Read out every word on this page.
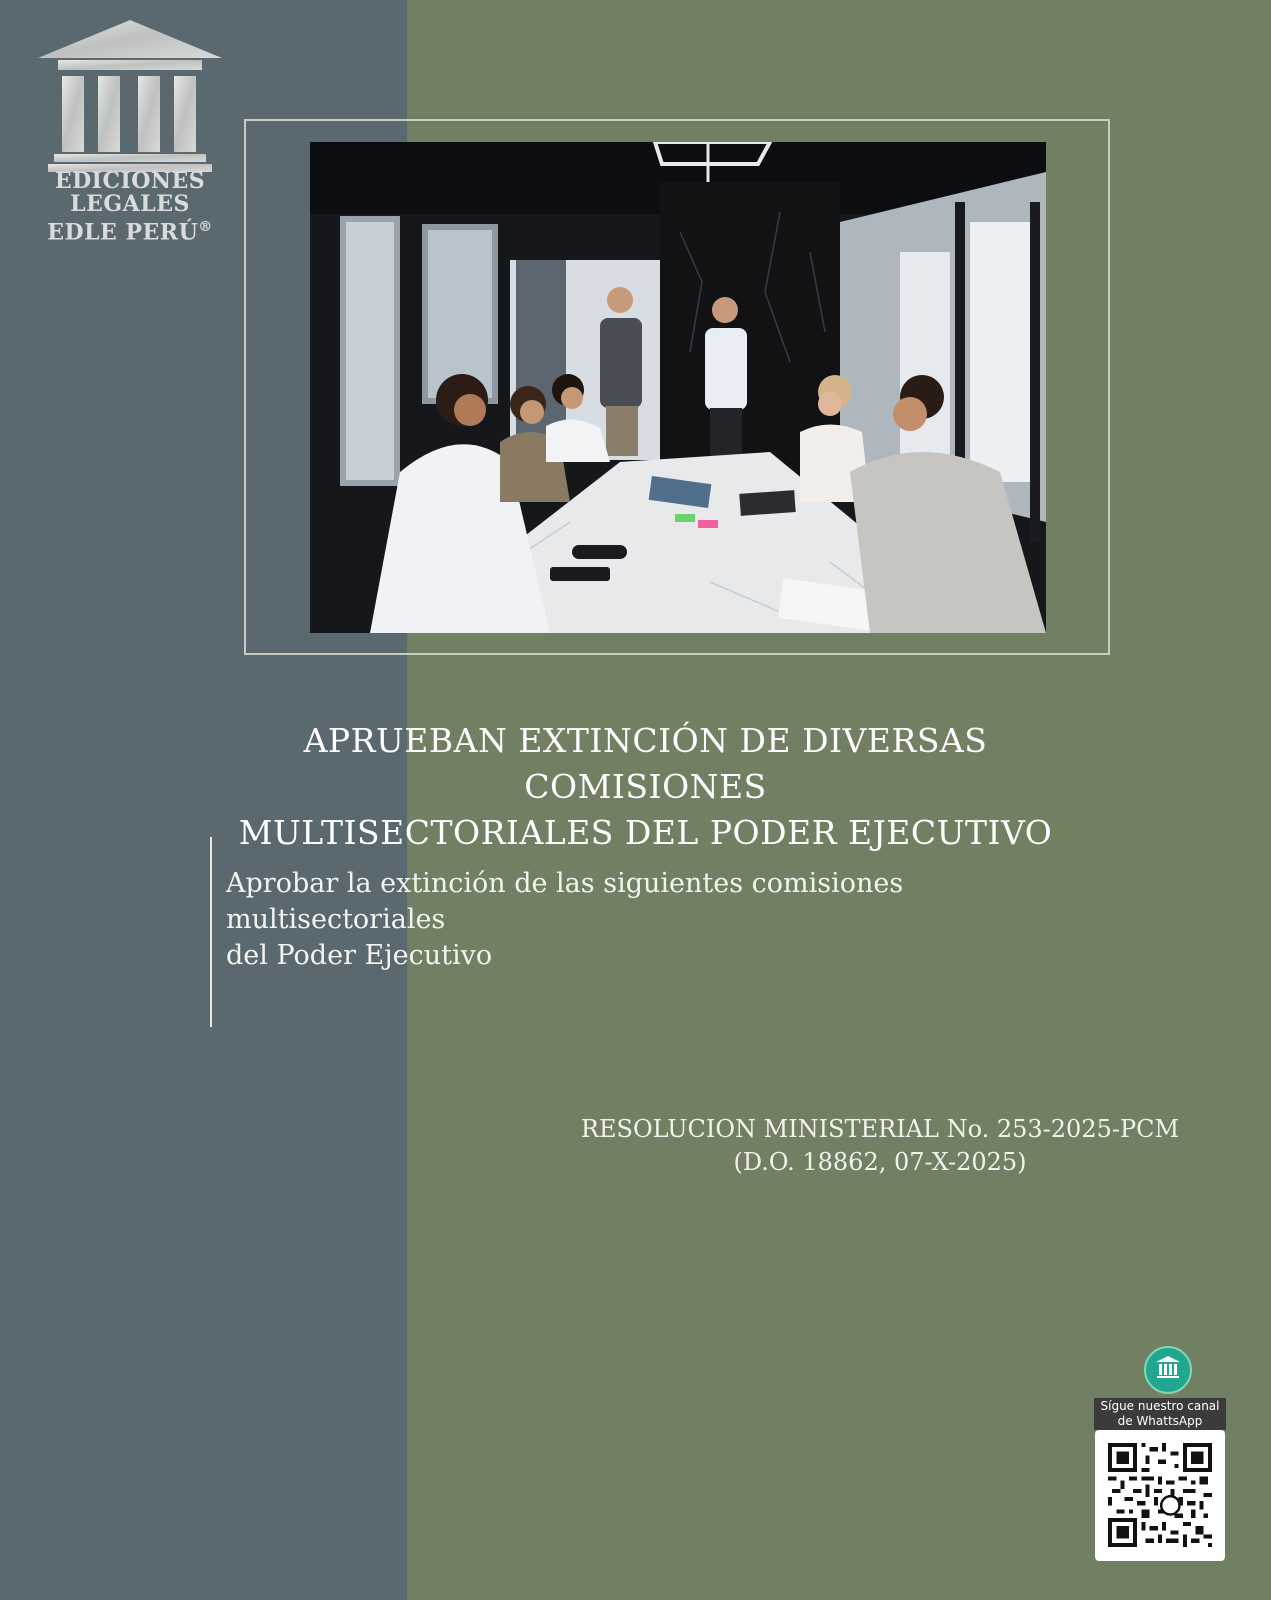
EDICIONES
LEGALES
EDLE PERÚ®
APRUEBAN EXTINCIÓN DE DIVERSAS COMISIONES
MULTISECTORIALES DEL PODER EJECUTIVO
Aprobar la extinción de las siguientes comisiones multisectoriales
del Poder Ejecutivo
RESOLUCION MINISTERIAL No. 253-2025-PCM
(D.O. 18862, 07-X-2025)
Sígue nuestro canal
de WhattsApp
